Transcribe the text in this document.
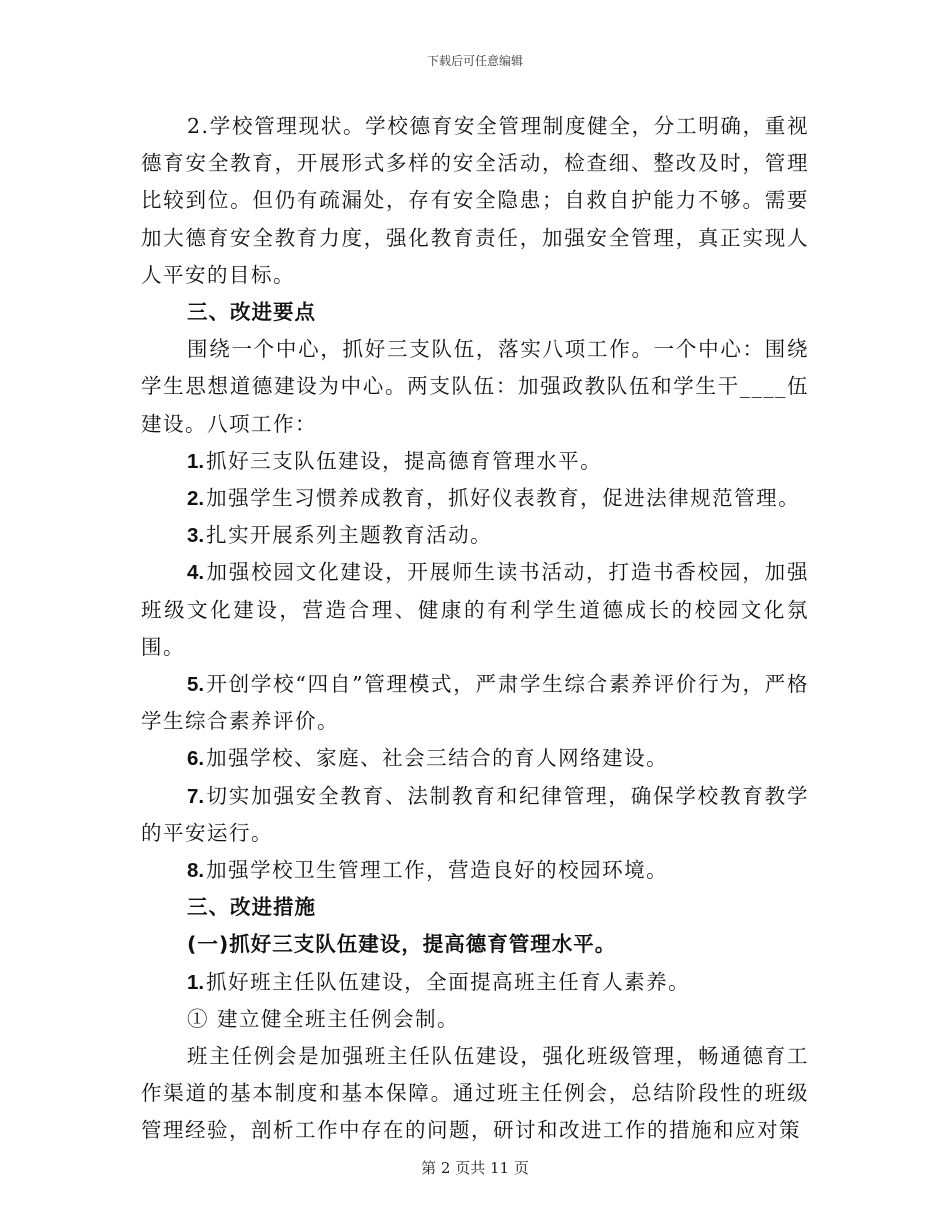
下载后可任意编辑

2.学校管理现状。学校德育安全管理制度健全，分工明确，重视德育安全教育，开展形式多样的安全活动，检查细、整改及时，管理比较到位。但仍有疏漏处，存有安全隐患；自救自护能力不够。需要加大德育安全教育力度，强化教育责任，加强安全管理，真正实现人人平安的目标。

三、改进要点

围绕一个中心，抓好三支队伍，落实八项工作。一个中心：围绕学生思想道德建设为中心。两支队伍：加强政教队伍和学生干____伍建设。八项工作：

1.抓好三支队伍建设，提高德育管理水平。

2.加强学生习惯养成教育，抓好仪表教育，促进法律规范管理。

3.扎实开展系列主题教育活动。

4.加强校园文化建设，开展师生读书活动，打造书香校园，加强班级文化建设，营造合理、健康的有利学生道德成长的校园文化氛围。

5.开创学校“四自”管理模式，严肃学生综合素养评价行为，严格学生综合素养评价。

6.加强学校、家庭、社会三结合的育人网络建设。

7.切实加强安全教育、法制教育和纪律管理，确保学校教育教学的平安运行。

8.加强学校卫生管理工作，营造良好的校园环境。

三、改进措施

(一)抓好三支队伍建设，提高德育管理水平。

1.抓好班主任队伍建设，全面提高班主任育人素养。

① 建立健全班主任例会制。

班主任例会是加强班主任队伍建设，强化班级管理，畅通德育工作渠道的基本制度和基本保障。通过班主任例会，总结阶段性的班级管理经验，剖析工作中存在的问题，研讨和改进工作的措施和应对策

第 2 页共 11 页
